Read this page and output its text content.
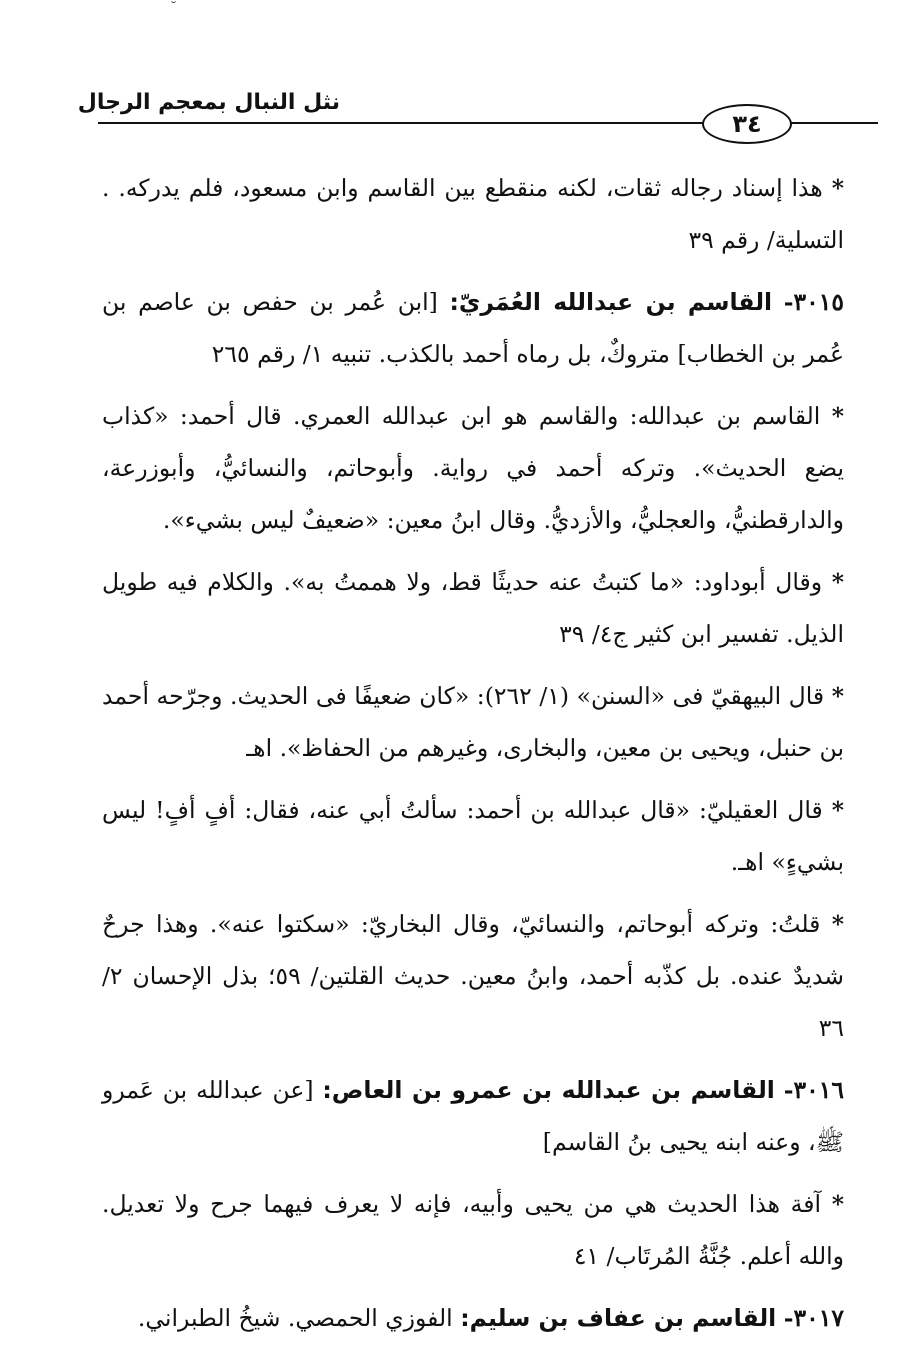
˘
نثل النبال بمعجم الرجال
٣٤

* هذا إسناد رجاله ثقات، لكنه منقطع بين القاسم وابن مسعود، فلم يدركه. . التسلية/ رقم ٣٩

٣٠١٥- القاسم بن عبدالله العُمَريّ: [ابن عُمر بن حفص بن عاصم بن عُمر بن الخطاب] متروكٌ، بل رماه أحمد بالكذب. تنبيه ١/ رقم ٢٦٥

* القاسم بن عبدالله: والقاسم هو ابن عبدالله العمري. قال أحمد: «كذاب يضع الحديث». وتركه أحمد في رواية. وأبوحاتم، والنسائيُّ، وأبوزرعة، والدارقطنيُّ، والعجليُّ، والأزديُّ. وقال ابنُ معين: «ضعيفٌ ليس بشيء».

* وقال أبوداود: «ما كتبتُ عنه حديثًا قط، ولا هممتُ به». والكلام فيه طويل الذيل. تفسير ابن كثير ج٤/ ٣٩

* قال البيهقيّ فى «السنن» (١/ ٢٦٢): «كان ضعيفًا فى الحديث. وجرّحه أحمد بن حنبل، ويحيى بن معين، والبخارى، وغيرهم من الحفاظ». اهـ

* قال العقيليّ: «قال عبدالله بن أحمد: سألتُ أبي عنه، فقال: أفٍ أفٍ! ليس بشيءٍ» اهـ.

* قلتُ: وتركه أبوحاتم، والنسائيّ، وقال البخاريّ: «سكتوا عنه». وهذا جرحٌ شديدٌ عنده. بل كذّبه أحمد، وابنُ معين. حديث القلتين/ ٥٩؛ بذل الإحسان ٢/ ٣٦

٣٠١٦- القاسم بن عبدالله بن عمرو بن العاص: [عن عبدالله بن عَمرو ﷺ، وعنه ابنه يحيى بنُ القاسم]

* آفة هذا الحديث هي من يحيى وأبيه، فإنه لا يعرف فيهما جرح ولا تعديل. والله أعلم. جُنَّةُ المُرتَاب/ ٤١

٣٠١٧- القاسم بن عفاف بن سليم: الفوزي الحمصي. شيخُ الطبراني.
